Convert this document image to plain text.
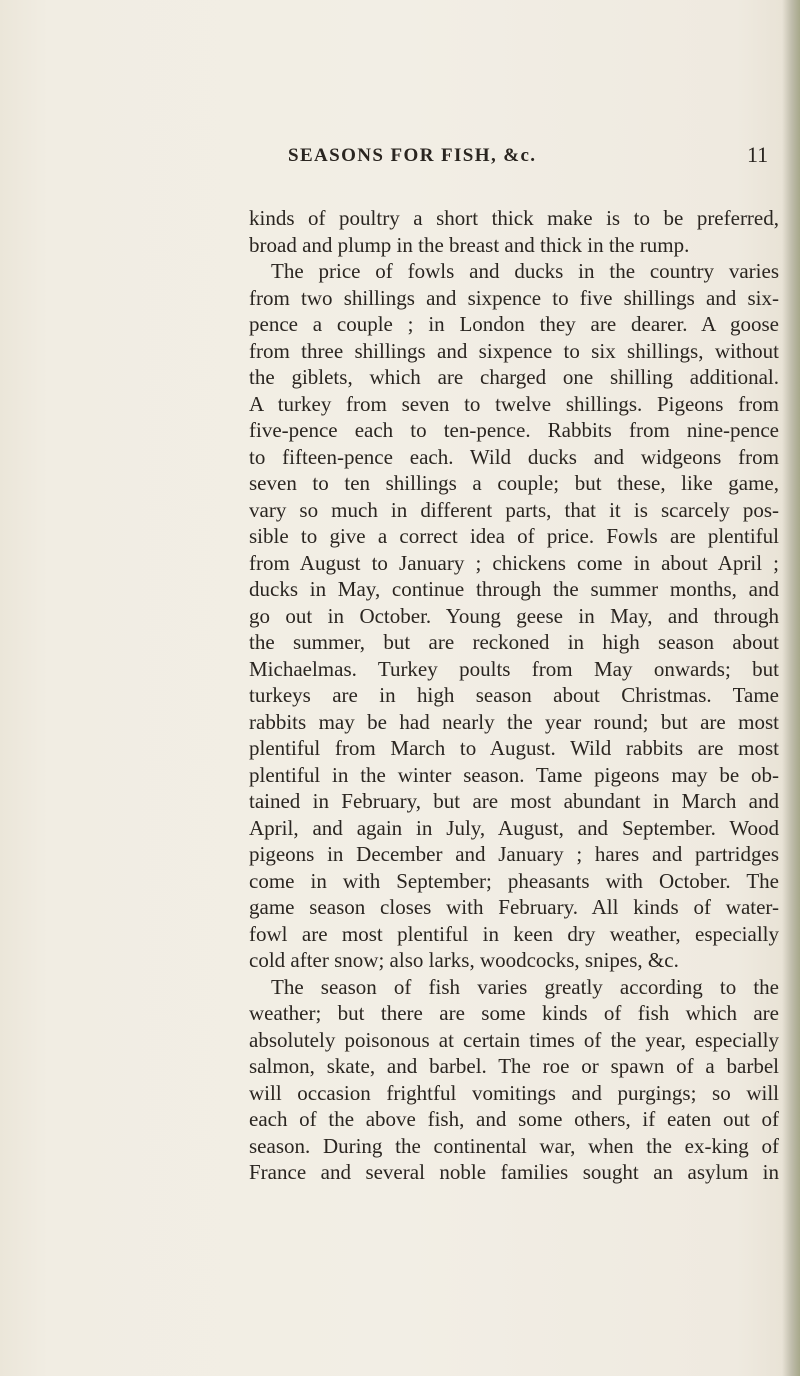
SEASONS FOR FISH, &c.	11
kinds of poultry a short thick make is to be preferred,
broad and plump in the breast and thick in the rump.
The price of fowls and ducks in the country varies
from two shillings and sixpence to five shillings and six-
pence a couple ; in London they are dearer. A goose
from three shillings and sixpence to six shillings, without
the giblets, which are charged one shilling additional.
A turkey from seven to twelve shillings. Pigeons from
five-pence each to ten-pence. Rabbits from nine-pence
to fifteen-pence each. Wild ducks and widgeons from
seven to ten shillings a couple; but these, like game,
vary so much in different parts, that it is scarcely pos-
sible to give a correct idea of price. Fowls are plentiful
from August to January ; chickens come in about April ;
ducks in May, continue through the summer months, and
go out in October. Young geese in May, and through
the summer, but are reckoned in high season about
Michaelmas. Turkey poults from May onwards; but
turkeys are in high season about Christmas. Tame
rabbits may be had nearly the year round; but are most
plentiful from March to August. Wild rabbits are most
plentiful in the winter season. Tame pigeons may be ob-
tained in February, but are most abundant in March and
April, and again in July, August, and September. Wood
pigeons in December and January ; hares and partridges
come in with September; pheasants with October. The
game season closes with February. All kinds of water-
fowl are most plentiful in keen dry weather, especially
cold after snow; also larks, woodcocks, snipes, &c.
The season of fish varies greatly according to the
weather; but there are some kinds of fish which are
absolutely poisonous at certain times of the year, especially
salmon, skate, and barbel. The roe or spawn of a barbel
will occasion frightful vomitings and purgings; so will
each of the above fish, and some others, if eaten out of
season. During the continental war, when the ex-king of
France and several noble families sought an asylum in
